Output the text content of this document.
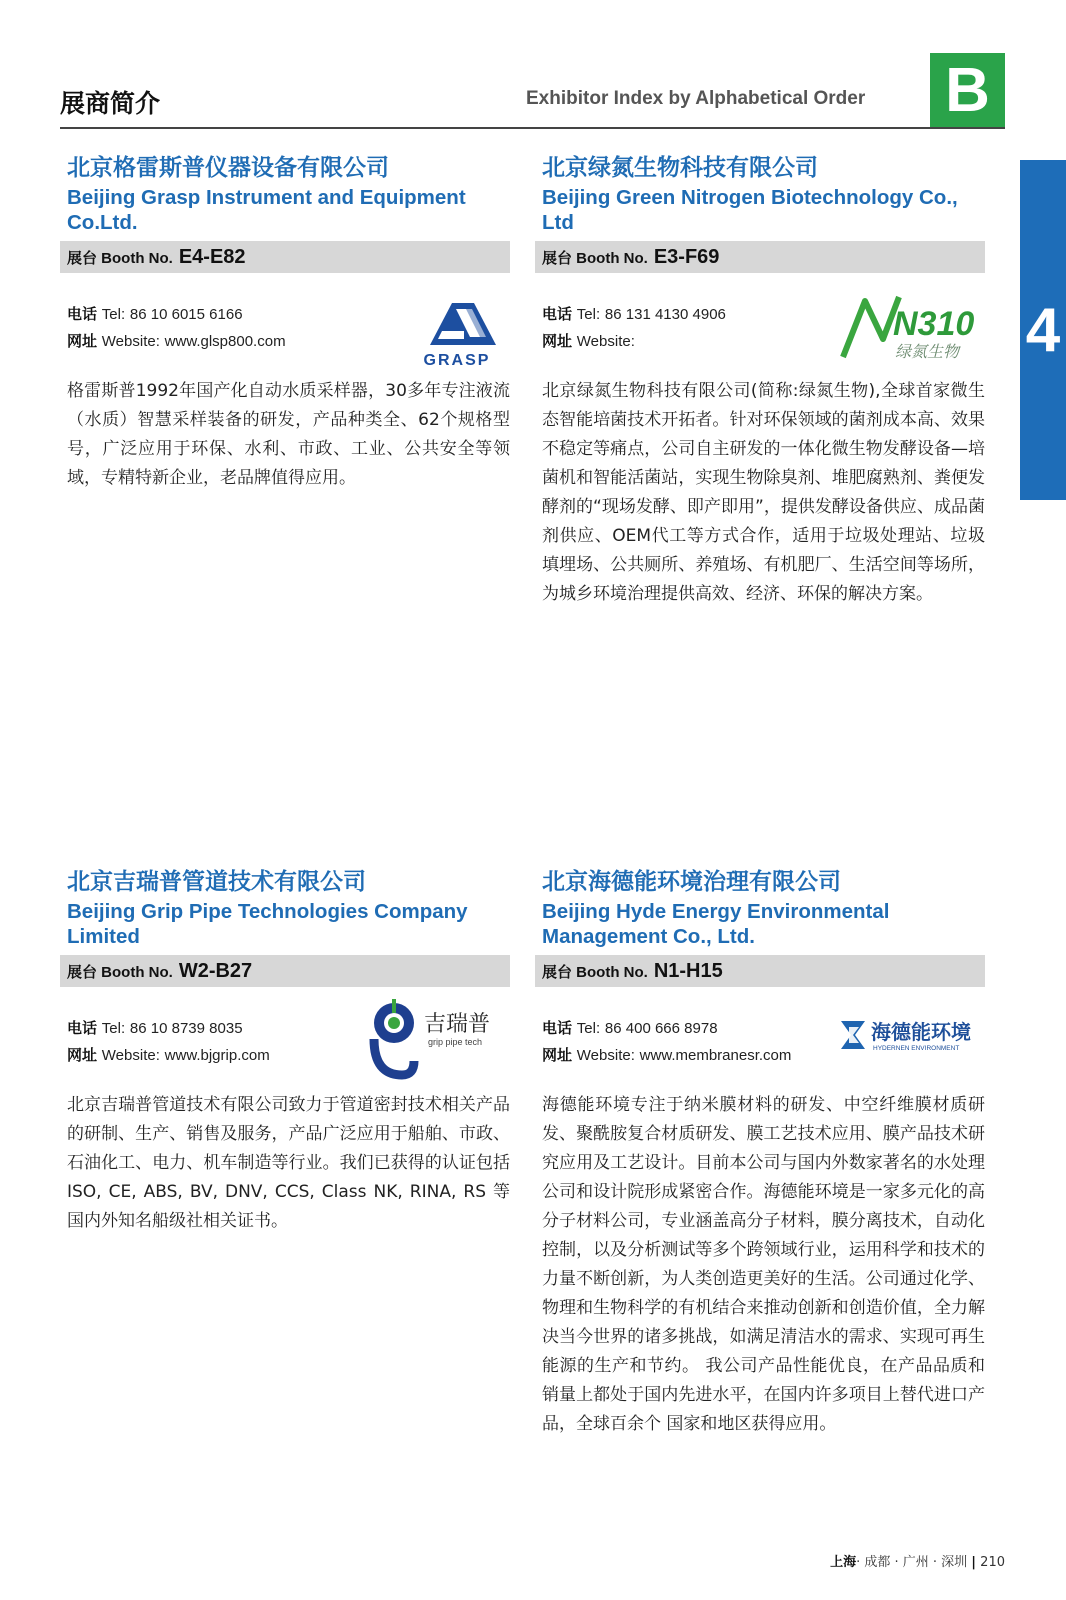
展商简介	Exhibitor Index by Alphabetical Order B
4
北京格雷斯普仪器设备有限公司
Beijing Grasp Instrument and Equipment Co.Ltd.
展台 Booth No. E4-E82
电话 Tel: 86 10 6015 6166
网址 Website: www.glsp800.com
GRASP
格雷斯普1992年国产化自动水质采样器，30多年专注液流（水质）智慧采样装备的研发，产品种类全、62个规格型号，广泛应用于环保、水利、市政、工业、公共安全等领域，专精特新企业，老品牌值得应用。
北京绿氮生物科技有限公司
Beijing Green Nitrogen Biotechnology Co., Ltd
展台 Booth No. E3-F69
电话 Tel: 86 131 4130 4906
网址 Website:	N310
绿氮生物
北京绿氮生物科技有限公司(简称:绿氮生物),全球首家微生态智能培菌技术开拓者。针对环保领域的菌剂成本高、效果不稳定等痛点，公司自主研发的一体化微生物发酵设备—培菌机和智能活菌站，实现生物除臭剂、堆肥腐熟剂、粪便发酵剂的“现场发酵、即产即用”，提供发酵设备供应、成品菌剂供应、OEM代工等方式合作，适用于垃圾处理站、垃圾填埋场、公共厕所、养殖场、有机肥厂、生活空间等场所，为城乡环境治理提供高效、经济、环保的解决方案。
北京吉瑞普管道技术有限公司
Beijing Grip Pipe Technologies Company Limited
展台 Booth No. W2-B27
电话 Tel: 86 10 8739 8035
网址 Website: www.bjgrip.com
吉瑞普
grip pipe tech
北京吉瑞普管道技术有限公司致力于管道密封技术相关产品的研制、生产、销售及服务，产品广泛应用于船舶、市政、石油化工、电力、机车制造等行业。我们已获得的认证包括ISO, CE, ABS, BV, DNV, CCS, Class NK, RINA, RS 等国内外知名船级社相关证书。
北京海德能环境治理有限公司
Beijing Hyde Energy Environmental Management Co., Ltd.
展台 Booth No. N1-H15
电话 Tel: 86 400 666 8978
网址 Website: www.membranesr.com
海德能环境
HYDERNEN ENVIRONMENT
海德能环境专注于纳米膜材料的研发、中空纤维膜材质研发、聚酰胺复合材质研发、膜工艺技术应用、膜产品技术研究应用及工艺设计。目前本公司与国内外数家著名的水处理公司和设计院形成紧密合作。海德能环境是一家多元化的高分子材料公司，专业涵盖高分子材料，膜分离技术，自动化控制，以及分析测试等多个跨领域行业，运用科学和技术的力量不断创新，为人类创造更美好的生活。公司通过化学、物理和生物科学的有机结合来推动创新和创造价值，全力解决当今世界的诸多挑战，如满足清洁水的需求、实现可再生能源的生产和节约。 我公司产品性能优良，在产品品质和销量上都处于国内先进水平，在国内许多项目上替代进口产品，全球百余个 国家和地区获得应用。
上海· 成都 · 广州 · 深圳 | 210
